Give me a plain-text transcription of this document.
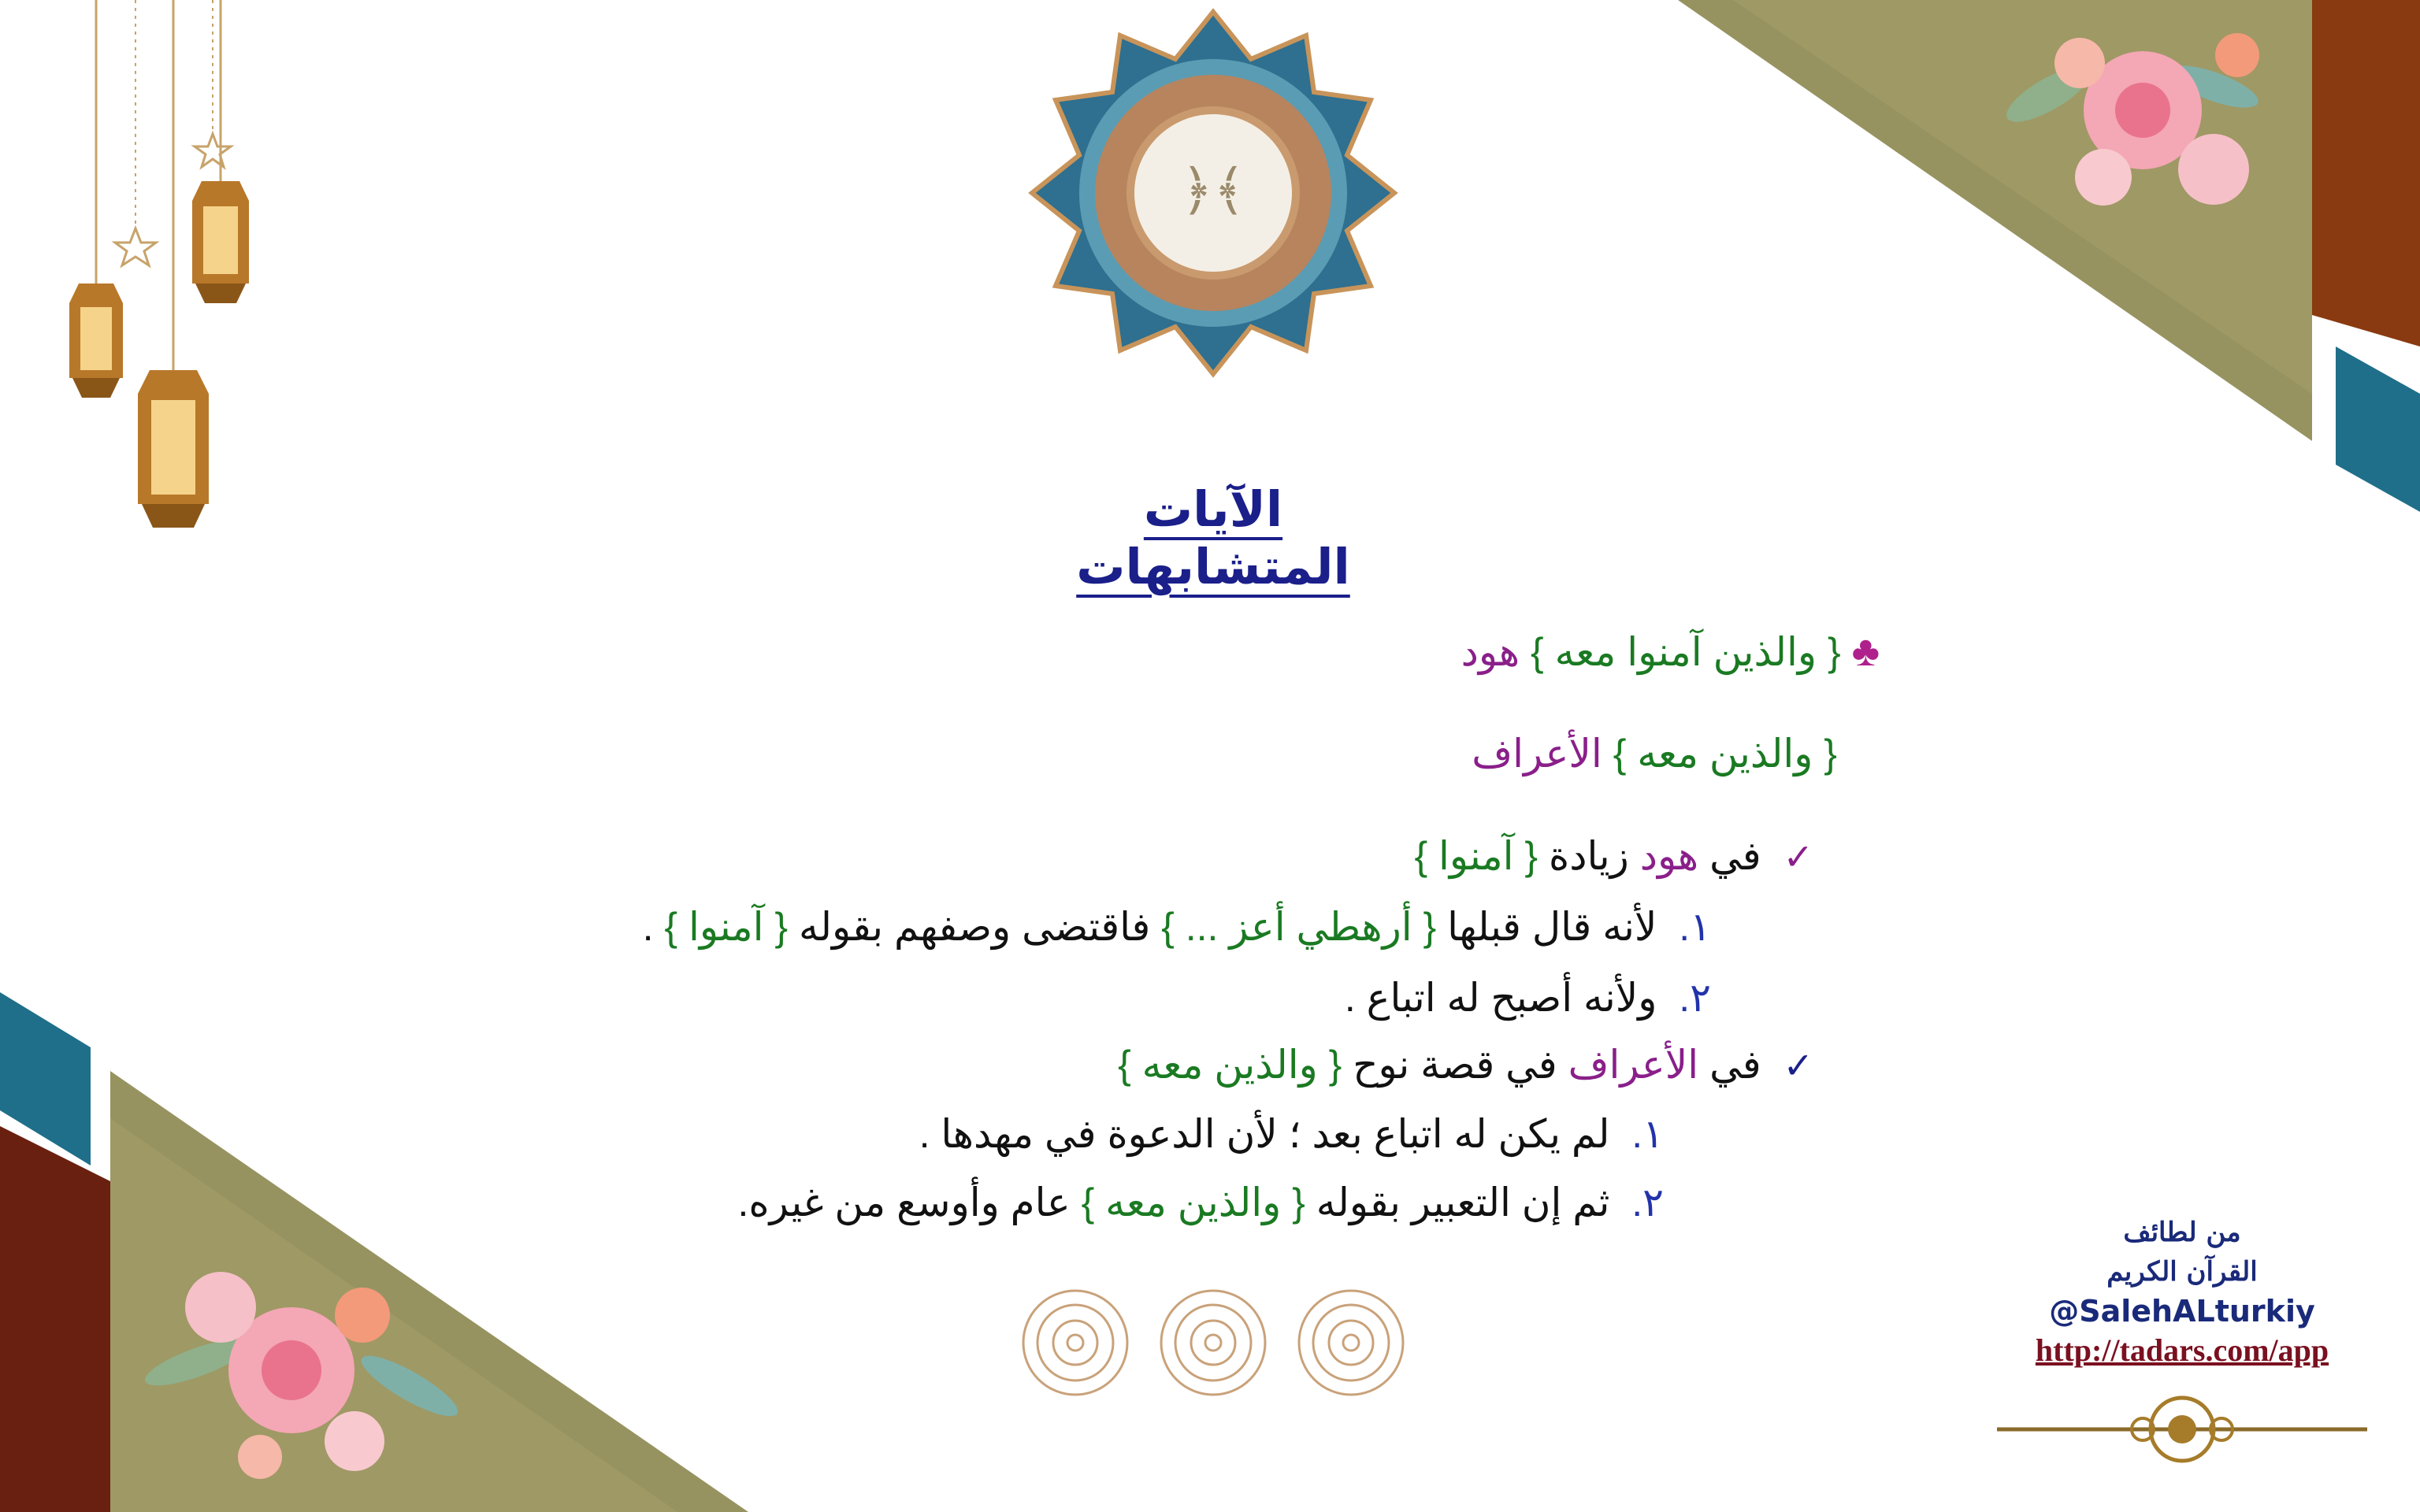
﴿﴾
الآيات المتشابهات
♣ { والذين آمنوا معه } هود
{ والذين معه } الأعراف
✓  في هود زيادة { آمنوا }
١.  لأنه قال قبلها { أرهطي أعز ... } فاقتضى وصفهم بقوله { آمنوا } .
٢.  ولأنه أصبح له اتباع .
✓  في الأعراف في قصة نوح { والذين معه }
١.  لم يكن له اتباع بعد ؛ لأن الدعوة في مهدها .
٢.  ثم إن التعبير بقوله { والذين معه } عام وأوسع من غيره.
من لطائف
القرآن الكريم
@SalehALturkiy
http://tadars.com/app
